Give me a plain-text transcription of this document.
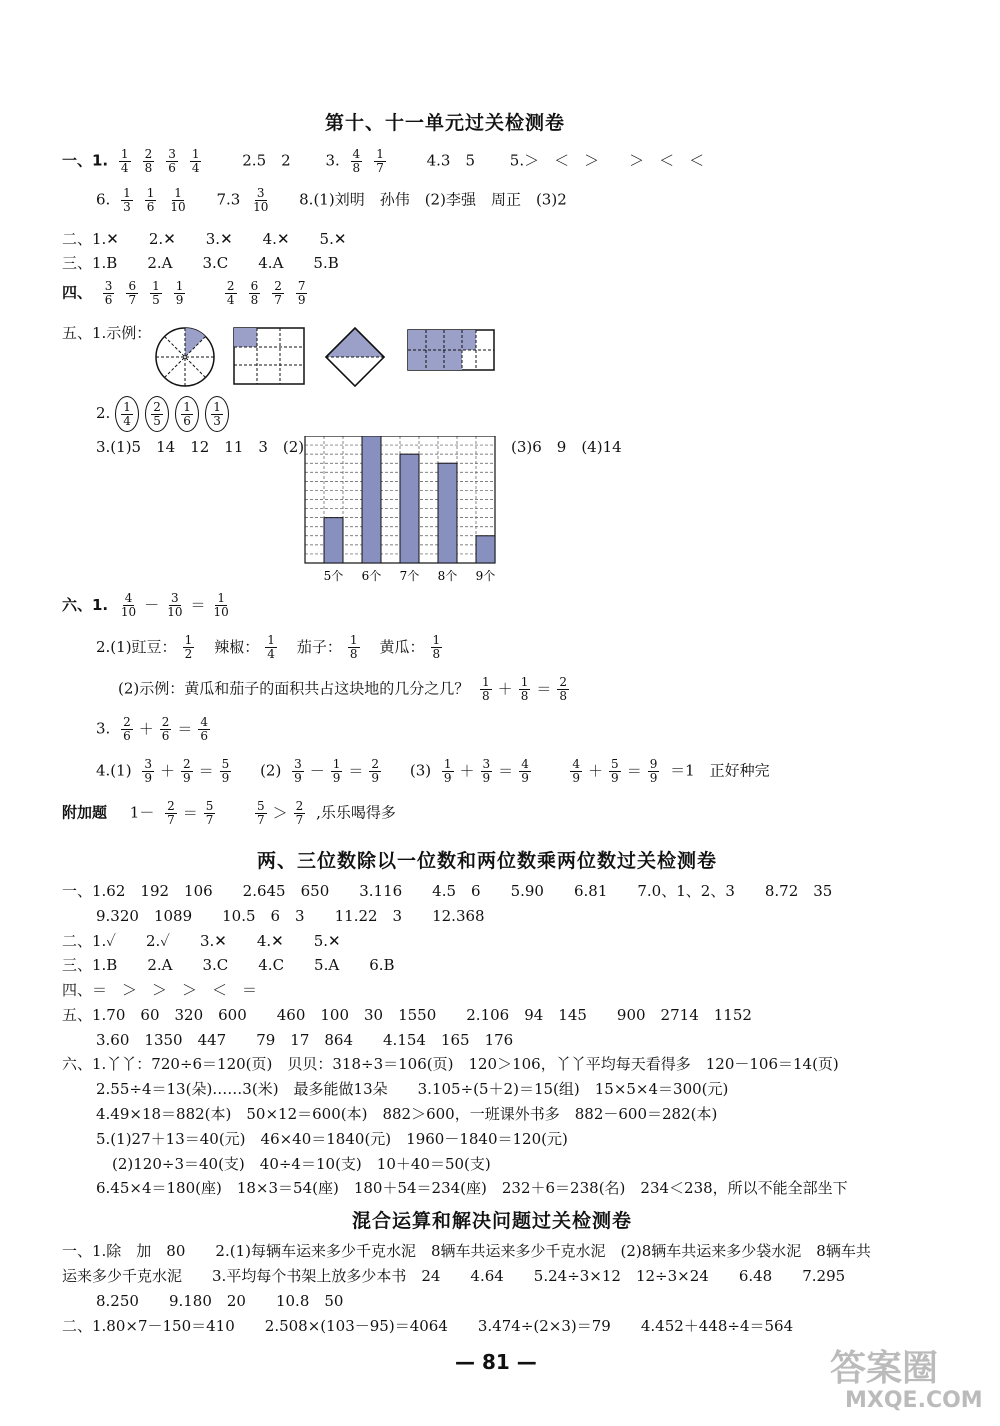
第十、十一单元过关检测卷
一、1. $\frac{1}{4} \frac{2}{8} \frac{3}{6} \frac{1}{4}$	2.5　2 3. $\frac{4}{8} \frac{1}{7}$	4.3　5 5.＞　＜　＞　　＞　＜　＜
6. $\frac{1}{3} \frac{1}{6} \frac{1}{10} 7.3 \frac{3}{10} 8.(1)$刘明　孙伟　(2)李强　周正　(3)2
二、1.✕　　2.✕　　3.✕　　4.✕　　5.✕
三、1.B　　2.A　　3.C　　4.A　　5.B
四、 $\frac{3}{6} \frac{6}{7} \frac{1}{5} \frac{1}{9}$
	$\frac{2}{4} \frac{6}{8} \frac{2}{7} \frac{7}{9}$
五、1.示例：
2. $\frac{1}{4} \frac{2}{5} \frac{1}{6} \frac{1}{3}$
3.(1)5　14　12　11　3　(2)	(3)6　9　(4)14
5个 6个 7个 8个 9个
六、1. $\frac{4}{10} - \frac{3}{10} = \frac{1}{10}$
2.(1)豇豆： $\frac{1}{2}$ 辣椒： $\frac{1}{4}$ 茄子： $\frac{1}{8}$ 黄瓜： $\frac{1}{8}$
(2)示例：黄瓜和茄子的面积共占这块地的几分之几？ $\frac{1}{8} + \frac{1}{8} = \frac{2}{8}$
3. $\frac{2}{6} + \frac{2}{6} = \frac{4}{6}$
$4.(1) \frac{3}{9} + \frac{2}{9} = \frac{5}{9} (2) \frac{3}{9} - \frac{1}{9} = \frac{2}{9} (3) \frac{1}{9} + \frac{3}{9} = \frac{4}{9}$
	$\frac{4}{9} + \frac{5}{9} = \frac{9}{9} =1$　正好种完
附加题 $1- \frac{2}{7} = \frac{5}{7}$
	$\frac{5}{7} > \frac{2}{7}$ ,乐乐喝得多
两、三位数除以一位数和两位数乘两位数过关检测卷
一、1.62　192　106　　2.645　650　　3.116　　4.5　6　　5.90　　6.81　　7.0、1、2、3　　8.72　35
9.320　1089　　10.5　6　3　　11.22　3　　12.368
二、1.✓　　2.✓　　3.✕　　4.✕　　5.✕
三、1.B　　2.A　　3.C　　4.C　　5.A　　6.B
四、＝　＞　＞　＞　＜　＝
五、1.70　60　320　600　　460　100　30　1550　　2.106　94　145　　900　2714　1152
3.60　1350　447　　79　17　864　　4.154　165　176
六、1.丫丫：720÷6＝120(页)　贝贝：318÷3＝106(页)　120＞106，丫丫平均每天看得多　120－106＝14(页)
2.55÷4＝13(朵)……3(米)　最多能做13朵　　3.105÷(5＋2)＝15(组)　15×5×4＝300(元)
4.49×18＝882(本)　50×12＝600(本)　882＞600，一班课外书多　882－600＝282(本)
5.(1)27＋13＝40(元)　46×40＝1840(元)　1960－1840＝120(元)
(2)120÷3＝40(支)　40÷4＝10(支)　10＋40＝50(支)
6.45×4＝180(座)　18×3＝54(座)　180＋54＝234(座)　232＋6＝238(名)　234＜238，所以不能全部坐下
混合运算和解决问题过关检测卷
一、1.除　加　80　　2.(1)每辆车运来多少千克水泥　8辆车共运来多少千克水泥　(2)8辆车共运来多少袋水泥　8辆车共
运来多少千克水泥　　3.平均每个书架上放多少本书　24　　4.64　　5.24÷3×12　12÷3×24　　6.48　　7.295
8.250　　9.180　20　　10.8　50
二、1.80×7－150＝410　　2.508×(103－95)＝4064　　3.474÷(2×3)＝79　　4.452＋448÷4＝564
— 81 —	答案圈
MXQE.COM
